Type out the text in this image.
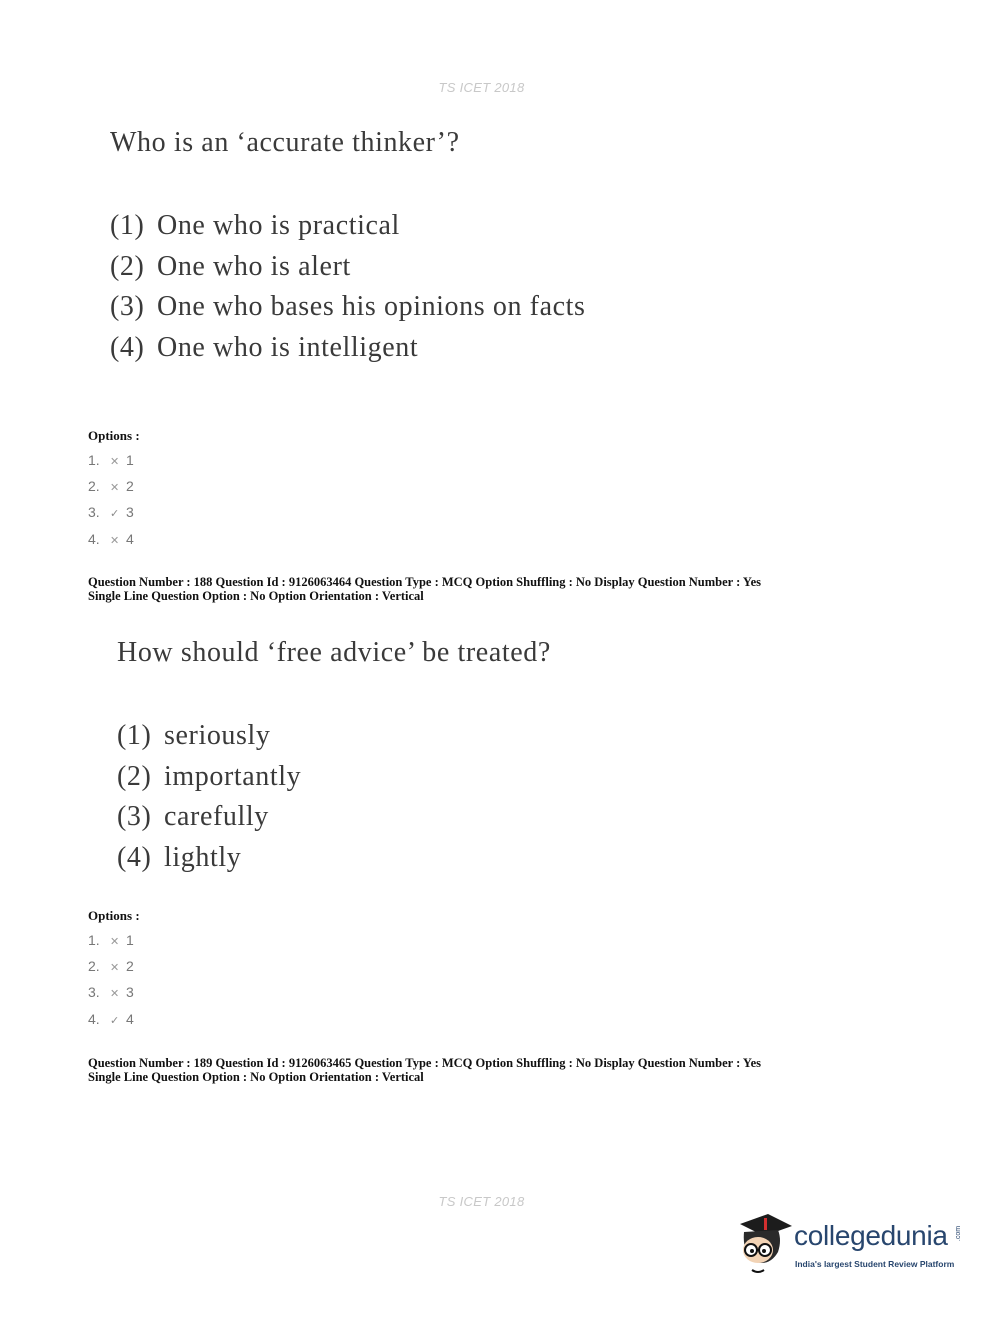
TS ICET 2018
Who is an ‘accurate thinker’?
(1) One who is practical
(2) One who is alert
(3) One who bases his opinions on facts
(4) One who is intelligent
Options :
1. ✕ 1
2. ✕ 2
3. ✓ 3
4. ✕ 4
Question Number : 188 Question Id : 9126063464 Question Type : MCQ Option Shuffling : No Display Question Number : Yes
Single Line Question Option : No Option Orientation : Vertical
How should ‘free advice’ be treated?
(1) seriously
(2) importantly
(3) carefully
(4) lightly
Options :
1. ✕ 1
2. ✕ 2
3. ✕ 3
4. ✓ 4
Question Number : 189 Question Id : 9126063465 Question Type : MCQ Option Shuffling : No Display Question Number : Yes
Single Line Question Option : No Option Orientation : Vertical
TS ICET 2018
collegedunia .com
India's largest Student Review Platform
